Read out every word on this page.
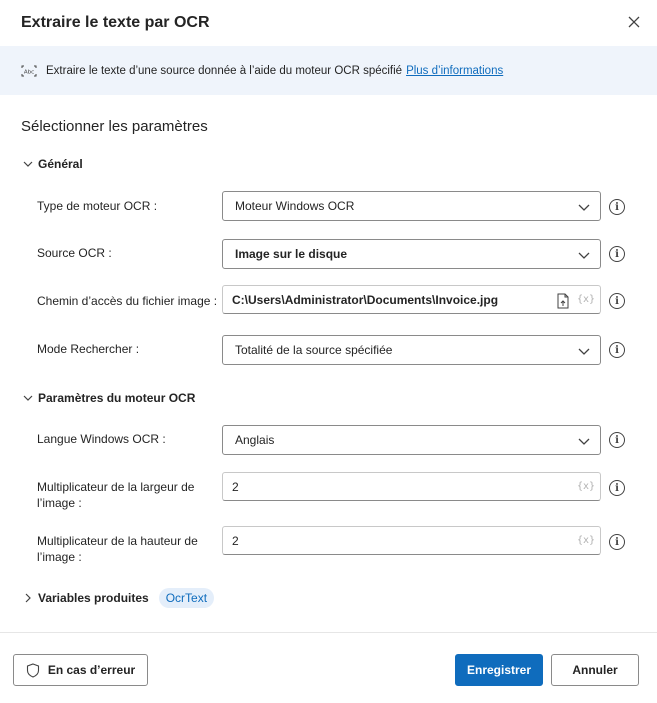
Extraire le texte par OCR
Abc Extraire le texte d’une source donnée à l’aide du moteur OCR spécifié Plus d’informations
Sélectionner les paramètres
Général
Type de moteur OCR :	Moteur Windows OCR	i
Source OCR :	Image sur le disque	i
Chemin d’accès du fichier image : C:\Users\Administrator\Documents\Invoice.jpg	{x}	i
Mode Rechercher :	Totalité de la source spécifiée	i
Paramètres du moteur OCR
Langue Windows OCR :	Anglais	i
Multiplicateur de la largeur de
l’image :
2	{x}	i
Multiplicateur de la hauteur de
l’image :
2	{x}	i
Variables produites	OcrText
En cas d’erreur	Enregistrer	Annuler
